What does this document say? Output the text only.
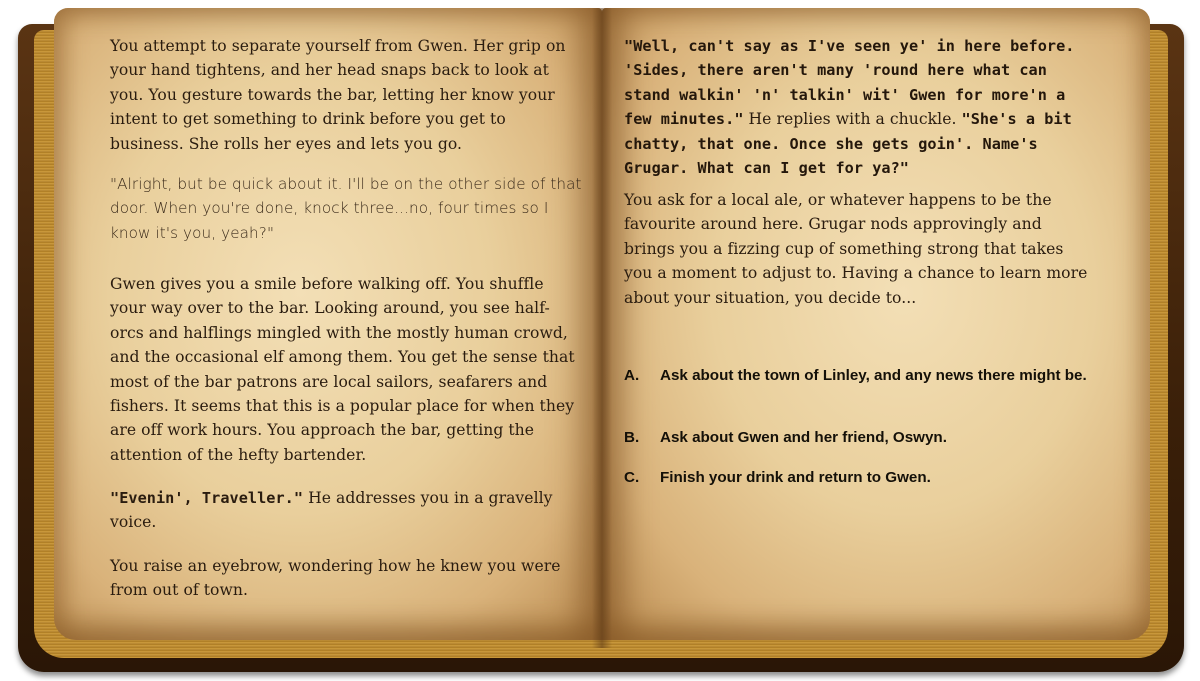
You attempt to separate yourself from Gwen. Her grip on your hand tightens, and her head snaps back to look at you. You gesture towards the bar, letting her know your intent to get something to drink before you get to business. She rolls her eyes and lets you go.

"Alright, but be quick about it. I'll be on the other side of that door. When you're done, knock three...no, four times so I know it's you, yeah?"

Gwen gives you a smile before walking off. You shuffle your way over to the bar. Looking around, you see half-orcs and halflings mingled with the mostly human crowd, and the occasional elf among them. You get the sense that most of the bar patrons are local sailors, seafarers and fishers. It seems that this is a popular place for when they are off work hours. You approach the bar, getting the attention of the hefty bartender.

"Evenin', Traveller." He addresses you in a gravelly voice.

You raise an eyebrow, wondering how he knew you were from out of town.

"Well, can't say as I've seen ye' in here before. 'Sides, there aren't many 'round here what can stand walkin' 'n' talkin' wit' Gwen for more'n a few minutes." He replies with a chuckle. "She's a bit chatty, that one. Once she gets goin'. Name's Grugar. What can I get for ya?"

You ask for a local ale, or whatever happens to be the favourite around here. Grugar nods approvingly and brings you a fizzing cup of something strong that takes you a moment to adjust to. Having a chance to learn more about your situation, you decide to...

A. Ask about the town of Linley, and any news there might be.
B. Ask about Gwen and her friend, Oswyn.
C. Finish your drink and return to Gwen.
